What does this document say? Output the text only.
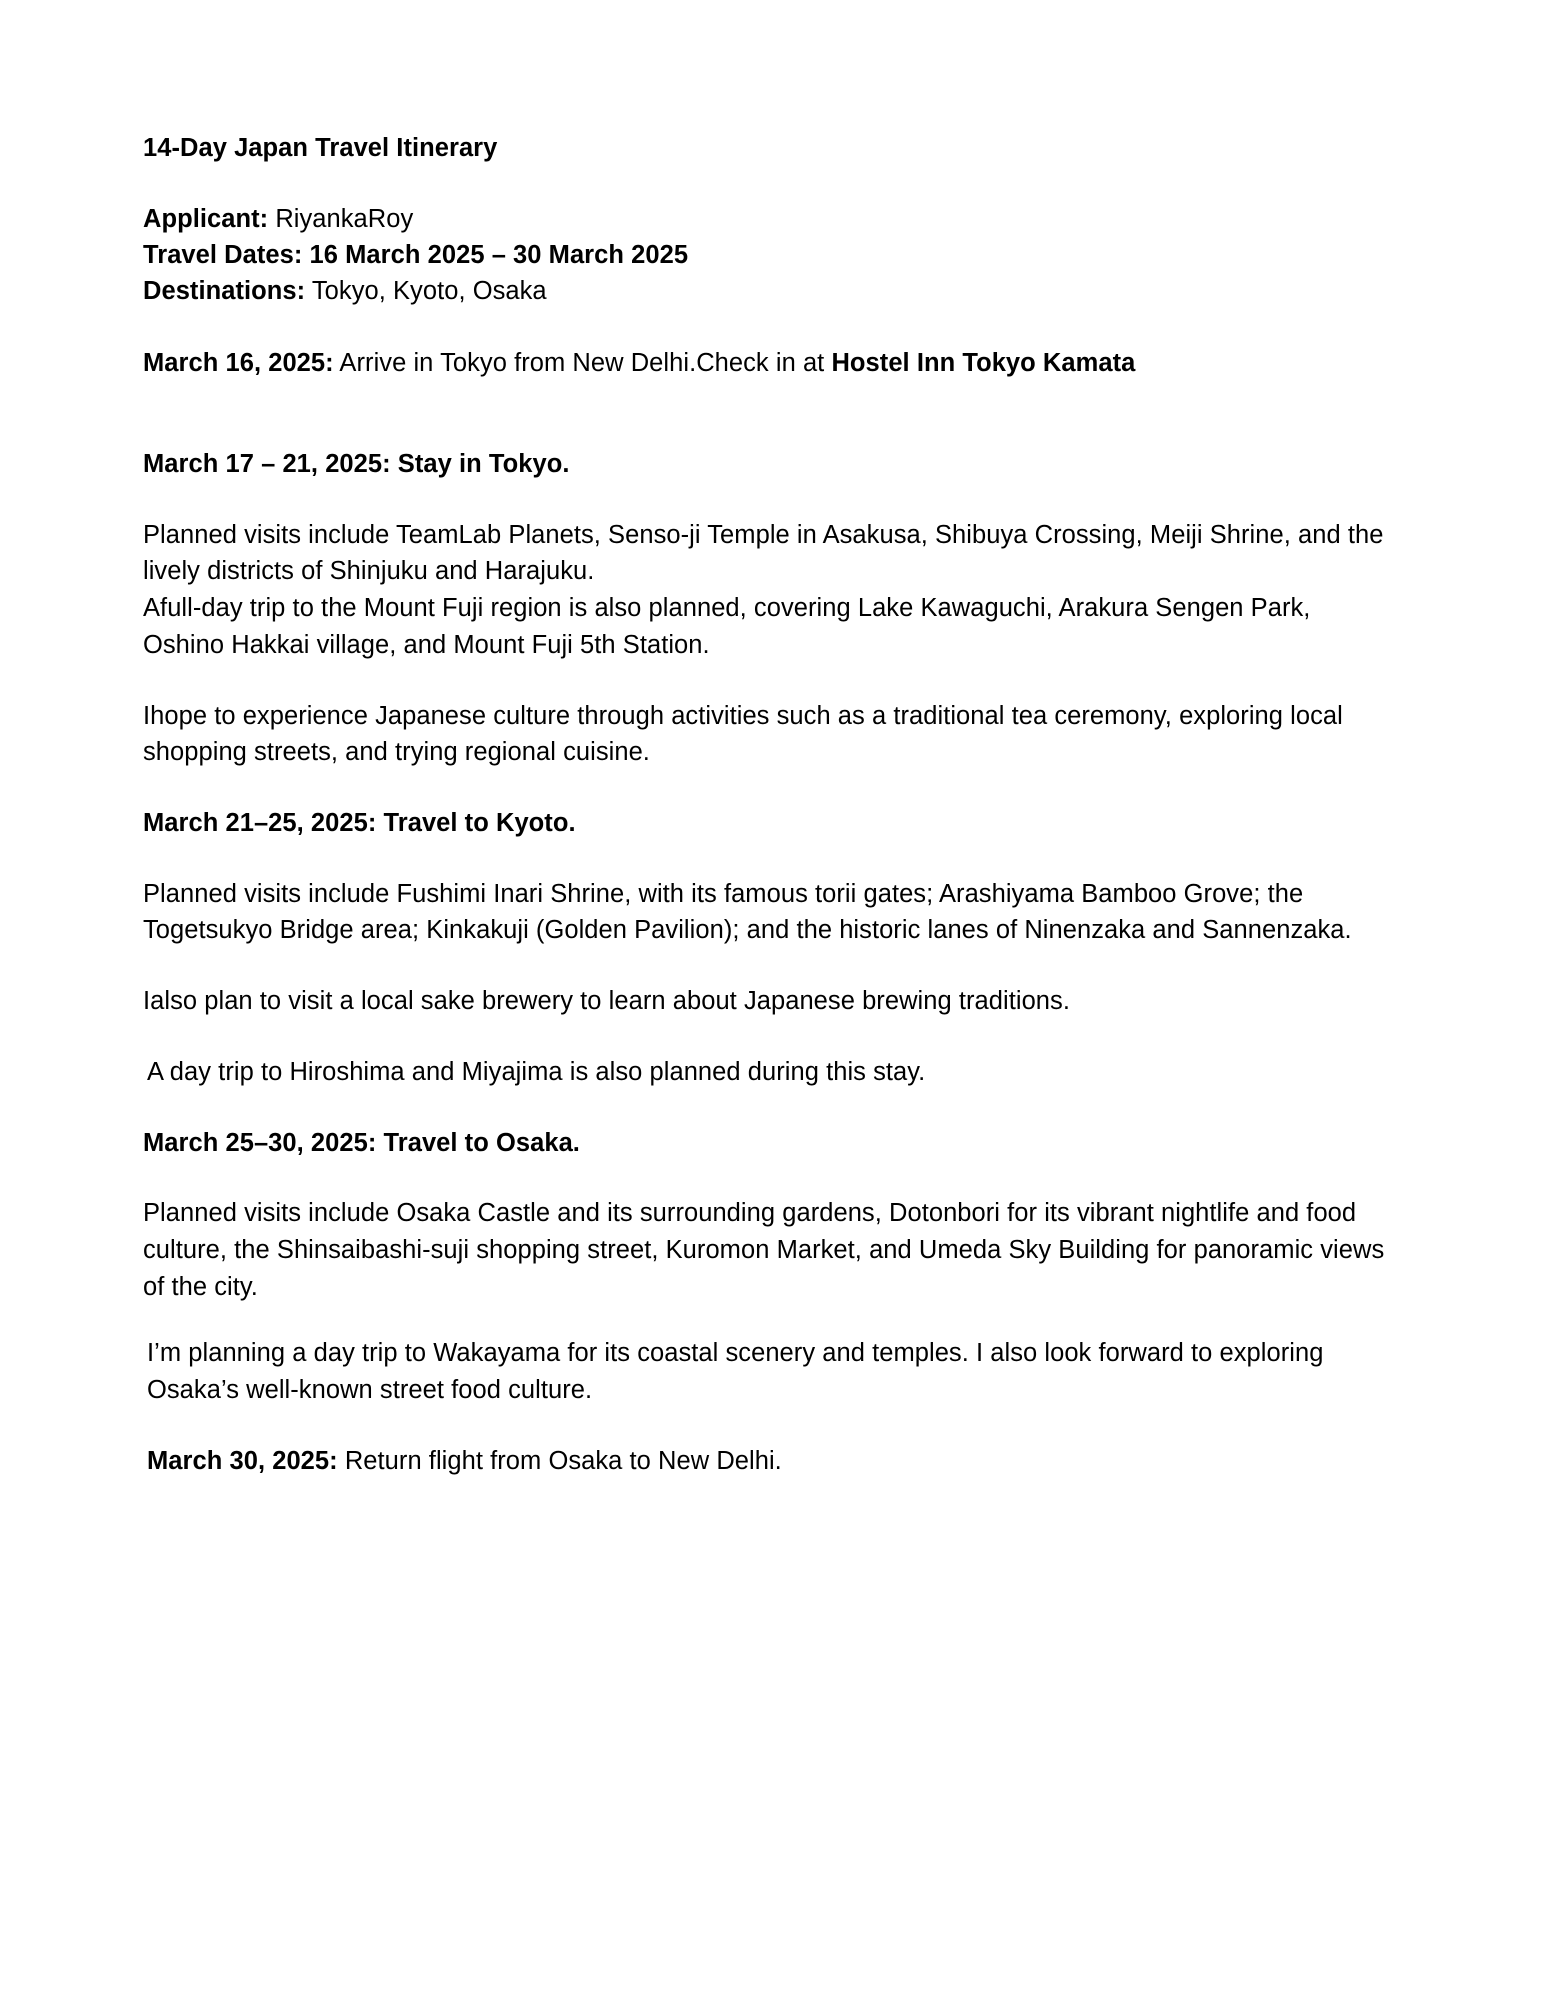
14-Day Japan Travel Itinerary

Applicant: RiyankaRoy

Travel Dates: 16 March 2025 – 30 March 2025

Destinations: Tokyo, Kyoto, Osaka

March 16, 2025: Arrive in Tokyo from New Delhi.Check in at Hostel Inn Tokyo Kamata

March 17 – 21, 2025: Stay in Tokyo.

Planned visits include TeamLab Planets, Senso-ji Temple in Asakusa, Shibuya Crossing, Meiji Shrine, and the lively districts of Shinjuku and Harajuku.

Afull-day trip to the Mount Fuji region is also planned, covering Lake Kawaguchi, Arakura Sengen Park, Oshino Hakkai village, and Mount Fuji 5th Station.

Ihope to experience Japanese culture through activities such as a traditional tea ceremony, exploring local shopping streets, and trying regional cuisine.

March 21–25, 2025: Travel to Kyoto.

Planned visits include Fushimi Inari Shrine, with its famous torii gates; Arashiyama Bamboo Grove; the Togetsukyo Bridge area; Kinkakuji (Golden Pavilion); and the historic lanes of Ninenzaka and Sannenzaka.

Ialso plan to visit a local sake brewery to learn about Japanese brewing traditions.

A day trip to Hiroshima and Miyajima is also planned during this stay.

March 25–30, 2025: Travel to Osaka.

Planned visits include Osaka Castle and its surrounding gardens, Dotonbori for its vibrant nightlife and food culture, the Shinsaibashi-suji shopping street, Kuromon Market, and Umeda Sky Building for panoramic views of the city.

I’m planning a day trip to Wakayama for its coastal scenery and temples. I also look forward to exploring Osaka’s well-known street food culture.

March 30, 2025: Return flight from Osaka to New Delhi.
